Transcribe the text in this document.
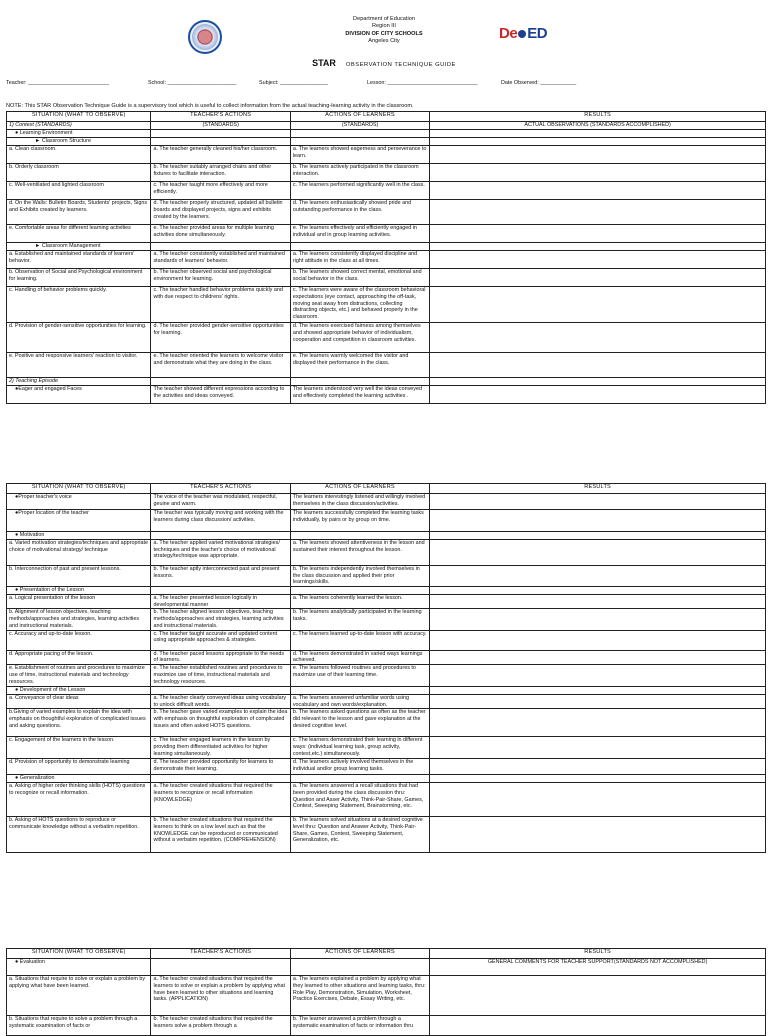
Department of Education
Region III
DIVISION OF CITY SCHOOLS
Angeles City	De ED
STAR OBSERVATION TECHNIQUE GUIDE
Teacher: ___________________________	School: _______________________	Subject: ________________	Lesson: ______________________________	Date Observed: ____________
NOTE: This STAR Observation Technique Guide is a supervisory tool which is useful to collect information from the actual teaching-learning activity in the classroom.
SITUATION (WHAT TO OBSERVE)	TEACHER'S ACTIONS	ACTIONS OF LEARNERS	RESULTS
1) Context (STANDARDS)	(STANDARDS)	(STANDARDS)	ACTUAL OBSERVATIONS (STANDARDS ACCOMPLISHED)
● Learning Environment			
► Classroom Structure			
a. Clean classroom.	a. The teacher generally cleaned his/her classroom.	a. The learners showed eagerness and perseverance to learn.	
b. Orderly classroom	b. The teacher suitably arranged chairs and other fixtures to facilitate interaction.	b. The learners actively participated in the classroom interaction.	
c. Well-ventilated and lighted classroom	c. The teacher taught more effectively and more efficiently.	c. The learners performed significantly well in the class.	
d. On the Walls: Bulletin Boards, Students' projects, Signs and Exhibits created by learners.	d. The teacher properly structured, updated all bulletin boards and displayed projects, signs and exhibits created by the learners.	d. The learners enthusiastically showed pride and outstanding performance in the class.	
e. Comfortable areas for different learning activities	e. The teacher provided areas for multiple learning activities done simultaneously.	e. The learners effectively and efficiently engaged in individual and in group learning activities.	
► Classroom Management			
a. Established and maintained standards of learners' behavior.	a. The teacher consistently established and maintained standards of learners' behavior.	a. The learners consistently displayed discipline and right attitude in the class at all times.	
b. Observation of Social and Psychological environment for learning.	b. The teacher observed social and psychological environment for learning.	b. The learners showed correct mental, emotional and social behavior in the class.	
c. Handling of behavior problems quickly.	c. The teacher handled behavior problems quickly and with due respect to childrens' rights.	c. The learners were aware of the classroom behavioral expectations (eye contact, approaching the off-task, moving seat away from distractions, collecting distracting objects, etc.) and behaved properly in the classroom.	
d. Provision of gender-sensitive opportunities for learning.	d. The teacher provided gender-sensitive opportunities for learning.	d. The learners exercised fairness among themselves and showed appropriate behavior of individualism, cooperation and competition in classroom activities.	
e. Positive and responsive learners' reaction to visitor.	e. The teacher oriented the learners to welcome visitor and demonstrate what they are doing in the class.	e. The learners warmly welcomed the visitor and displayed their performance in the class.	
2) Teaching Episode			
●Eager and engaged Faces	The teacher showed different expressions according to the activities and ideas conveyed.	The learners understood very well the ideas conveyed and effectively completed the learning activities .	
SITUATION (WHAT TO OBSERVE)	TEACHER'S ACTIONS	ACTIONS OF LEARNERS	RESULTS
●Proper teacher's voice	The voice of the teacher was modulated, respectful, geuine and warm.	The learners interestingly listened and willingly involved themselves in the class discussion/activities.	
●Proper location of the teacher	The teacher was typically moving and working with the learners during class discussion/ activities.	The learners successfully completed the learning tasks individually, by pairs or by group on time.	
● Motivation			
a. Varied motivation strategies/techniques and appropriate choice of motivational strategy/ technique	a. The teacher applied varied motivational strategies/ techniques and the teacher's choice of motivational strategy/technique was appropriate.	a. The learners showed attentiveness in the lesson and sustained their interest throughout the lesson.	
b. Interconnection of past and present lessons.	b. The teacher aptly interconnected past and present lessons.	b. The learners independently involved themselves in the class discussion and applied their prior learnings/skills.	
● Presentation of the Lesson			
a. Logical presentation of the lesson	a. The teacher presented lesson logically in developmental manner	a. The learners coherently learned the lesson.	
b. Alignment of lesson objectives, teaching methods/approaches and strategies, learning activities and instructional materials.	b. The teacher aligned lesson objectives, teaching methods/approaches and strategies, learning activities and instructional materials.	b. The learners analytically participated in the learning tasks.	
c. Accuracy and up-to-date lesson.	c. The teacher taught accurate and updated content using appropriate approaches & strategies.	c. The learners learned up-to-date lesson with accuracy.	
d. Appropriate pacing of the lesson.	d. The teacher paced lessons appropriate to the needs of learners.	d. The learners demonstrated in varied ways learnings achieved.	
e. Establishment of routines and procedures to maximize use of time, instructional materials and technology resources.	e. The teacher established routines and procedures to maximize use of time, instructional materials and technology resources.	e. The learners followed routines and procedures to maximize use of their learning time.	
● Development of the Lesson			
a. Conveyance of clear ideas	a. The teacher clearly conveyed ideas using vocabulary to unlock difficult words.	a. The learners answered unfamiliar words using vocabulary and own words/explanation.	
b.Giving of varied examples to explain the idea with emphasis on thoughtful exploration of complicated issues and asking questions.	b. The teacher gave varied examples to explain the idea with emphasis on thoughtful exploration of complicated issues and often asked HOTS questions.	b. The learners asked questions as often as the teacher did relevant to the lesson and gave explanation at the desired cognitive level.	
c. Engagement of the learners in the lesson.	c. The teacher engaged learners in the lesson by providing them differentiated activities for higher learning simultaneously.	c. The learners demonstrated their learning in different ways: (individual learning task, group activity, contest,etc.) simultaneously.	
d. Provision of opportunity to demonstrate learning	d. The teacher provided opportunity for learners to demonstrate their learning.	d. The learners actively involved themselves in the individual and/or group learning tasks.	
● Generalization			
a. Asking of higher order thinking skills (HOTS) questions to recognize or recall information.	a. The teacher created situations that required the learners to recognize or recall information (KNOWLEDGE)	a. The learners answered a recall situations that had been provided during the class discussion thru: Question and Asser Activity, Think-Pair-Share, Games, Contest, Sweeping Statement, Brainstorming, etc.	
b. Asking of HOTS questions to reproduce or communicate knowledge without a verbatim repetition.	b. The teacher created situations that required the learners to think on a low level such as that the KNOWLEDGE can be reproduced or communicated without a verbatim repetition. (COMPREHENSION)	b. The learners solved situations at a desired cognitive level thru: Question and Answer Activity, Think-Pair-Share, Games, Contest, Sweeping Statement, Generalization, etc.	
SITUATION (WHAT TO OBSERVE)	TEACHER'S ACTIONS	ACTIONS OF LEARNERS	RESULTS
● Evaluation			GENERAL COMMENTS FOR TEACHER SUPPORT(STANDARDS NOT ACCOMPLISHED)
a. Situations that require to solve or explain a problem by applying what have been learned.	a. The teacher created situations that required the learners to solve or explain a problem by applying what have been learned to other situations and learning tasks. (APPLICATION)	a. The learners explained a problem by applying what they learned to other situations and learning tasks, thru: Role Play, Demonstration, Simulation, Worksheet, Practice Exercises, Debate, Essay Writing, etc.	
b. Situations that require to solve a problem through a systematic examination of facts or	b. The teacher created situations that required the learners solve a problem through a	b. The learner answered a problem through a systematic examination of facts or information thru	
